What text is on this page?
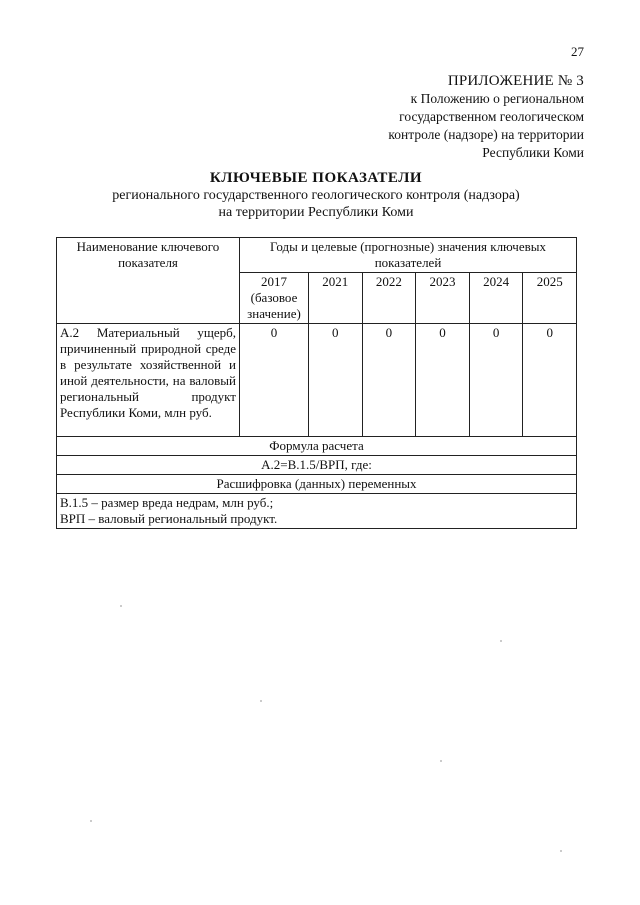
27
ПРИЛОЖЕНИЕ № 3
к Положению о региональном
государственном геологическом
контроле (надзоре) на территории
Республики Коми
КЛЮЧЕВЫЕ ПОКАЗАТЕЛИ
регионального государственного геологического контроля (надзора)
на территории Республики Коми
Наименование ключевого показателя	Годы и целевые (прогнозные) значения ключевых показателей					
	2017 (базовое значение)	2021	2022	2023	2024	2025
А.2 Материальный ущерб, причиненный природной среде в результате хозяйственной и иной деятельности, на валовый региональный продукт Республики Коми, млн руб.	0	0	0	0	0	0
Формула расчета						
А.2=В.1.5/ВРП, где:						
Расшифровка (данных) переменных						

В.1.5 – размер вреда недрам, млн руб.;
ВРП – валовый региональный продукт.						
